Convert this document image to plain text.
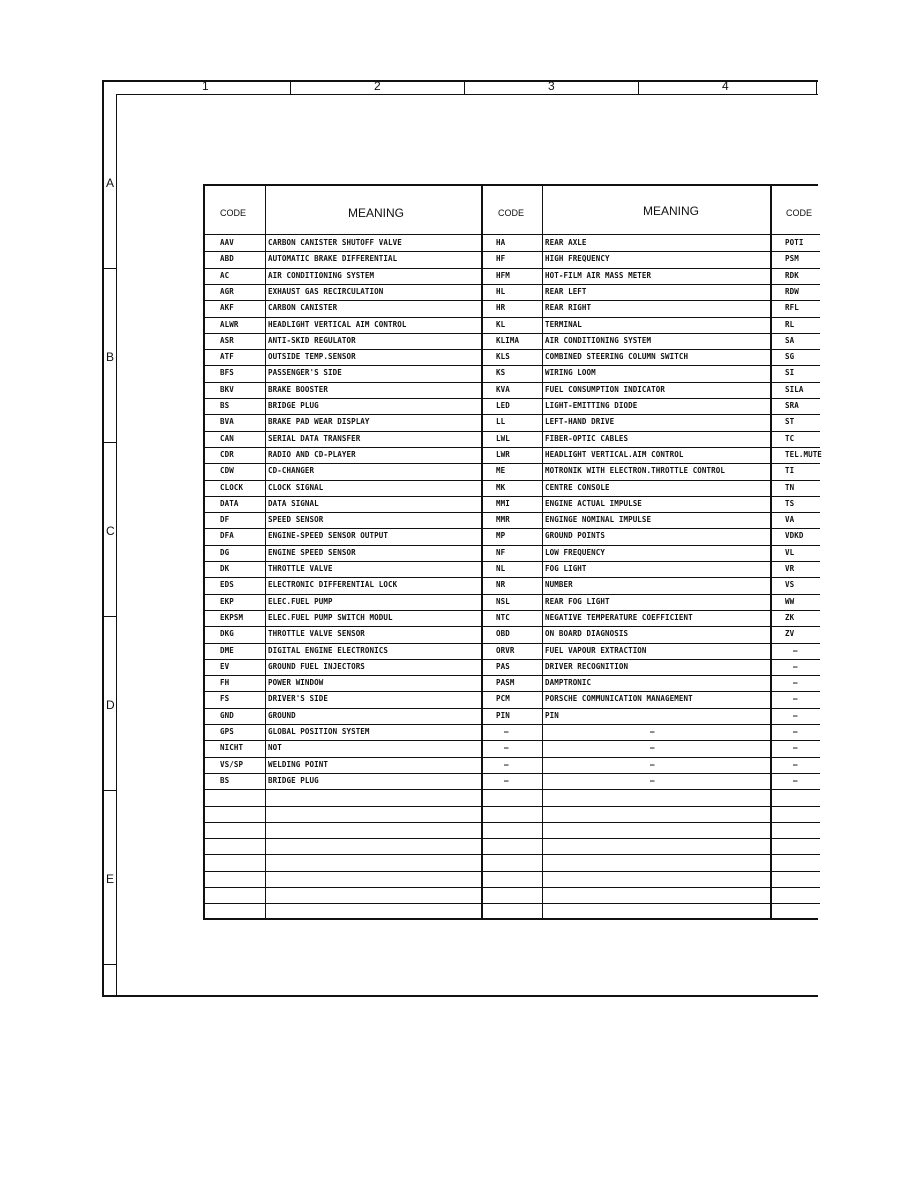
1	2	3	4
A
B
C
D
E
CODE	MEANING	CODE	MEANING	CODE
AAV	CARBON CANISTER SHUTOFF VALVE	HA	REAR AXLE	POTI
ABD	AUTOMATIC BRAKE DIFFERENTIAL	HF	HIGH FREQUENCY	PSM
AC	AIR CONDITIONING SYSTEM	HFM	HOT-FILM AIR MASS METER	RDK
AGR	EXHAUST GAS RECIRCULATION	HL	REAR LEFT	RDW
AKF	CARBON CANISTER	HR	REAR RIGHT	RFL
ALWR	HEADLIGHT VERTICAL AIM CONTROL	KL	TERMINAL	RL
ASR	ANTI-SKID REGULATOR	KLIMA	AIR CONDITIONING SYSTEM	SA
ATF	OUTSIDE TEMP.SENSOR	KLS	COMBINED STEERING COLUMN SWITCH	SG
BFS	PASSENGER'S SIDE	KS	WIRING LOOM	SI
BKV	BRAKE BOOSTER	KVA	FUEL CONSUMPTION INDICATOR	SILA
BS	BRIDGE PLUG	LED	LIGHT-EMITTING DIODE	SRA
BVA	BRAKE PAD WEAR DISPLAY	LL	LEFT-HAND DRIVE	ST
CAN	SERIAL DATA TRANSFER	LWL	FIBER-OPTIC CABLES	TC
CDR	RADIO AND CD-PLAYER	LWR	HEADLIGHT VERTICAL.AIM CONTROL	TEL.MUTE
CDW	CD-CHANGER	ME	MOTRONIK WITH ELECTRON.THROTTLE CONTROL	TI
CLOCK	CLOCK SIGNAL	MK	CENTRE CONSOLE	TN
DATA	DATA SIGNAL	MMI	ENGINE ACTUAL IMPULSE	TS
DF	SPEED SENSOR	MMR	ENGINGE NOMINAL IMPULSE	VA
DFA	ENGINE-SPEED SENSOR OUTPUT	MP	GROUND POINTS	VDKD
DG	ENGINE SPEED SENSOR	NF	LOW FREQUENCY	VL
DK	THROTTLE VALVE	NL	FOG LIGHT	VR
EDS	ELECTRONIC DIFFERENTIAL LOCK	NR	NUMBER	VS
EKP	ELEC.FUEL PUMP	NSL	REAR FOG LIGHT	WW
EKPSM	ELEC.FUEL PUMP SWITCH MODUL	NTC	NEGATIVE TEMPERATURE COEFFICIENT	ZK
DKG	THROTTLE VALVE SENSOR	OBD	ON BOARD DIAGNOSIS	ZV
DME	DIGITAL ENGINE ELECTRONICS	ORVR	FUEL VAPOUR EXTRACTION	—
EV	GROUND FUEL INJECTORS	PAS	DRIVER RECOGNITION	—
FH	POWER WINDOW	PASM	DAMPTRONIC	—
FS	DRIVER'S SIDE	PCM	PORSCHE COMMUNICATION MANAGEMENT	—
GND	GROUND	PIN	PIN	—
GPS	GLOBAL POSITION SYSTEM	—	—	—
NICHT	NOT	—	—	—
VS/SP	WELDING POINT	—	—	—
BS	BRIDGE PLUG	—	—	—
